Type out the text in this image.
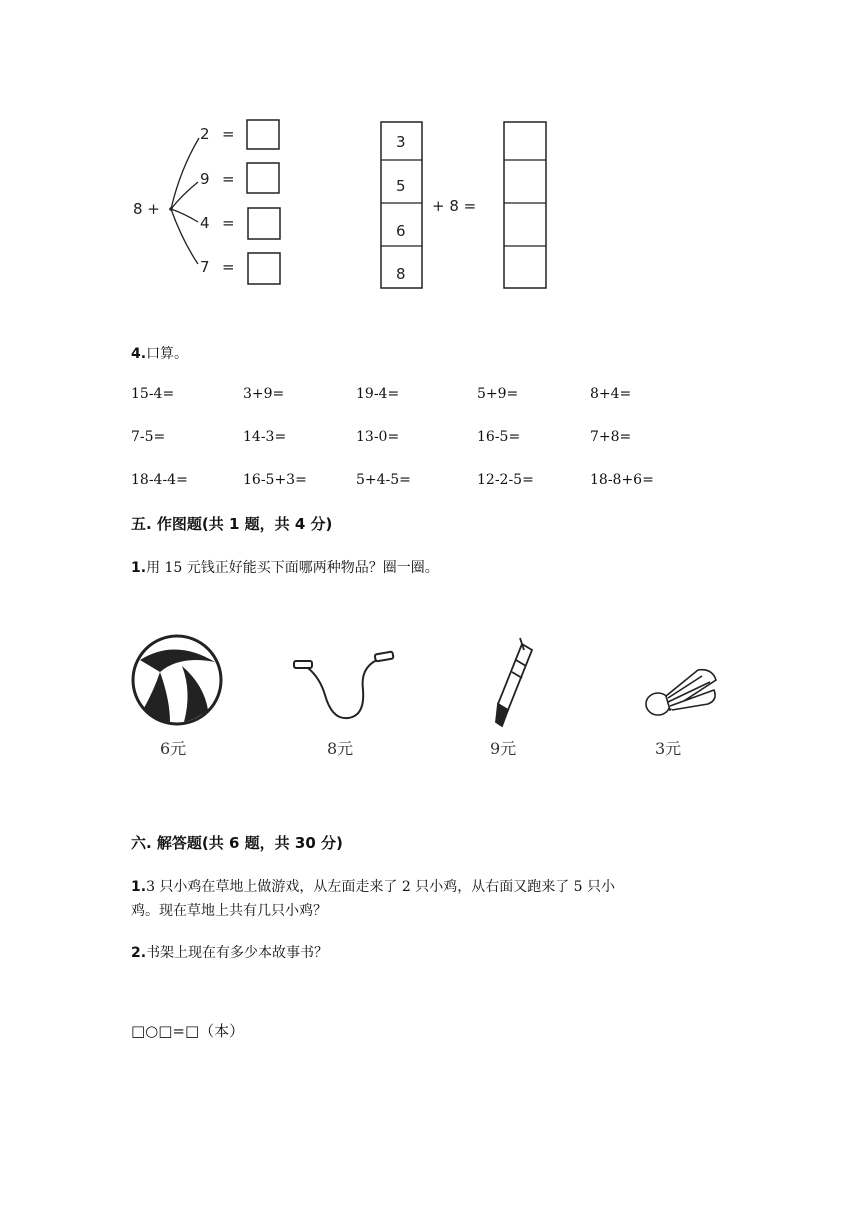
8 +
2 =
9 =
4 =
7 =
3
5
6
8
+ 8 =
4.口算。
15-4=	3+9=	19-4=	5+9=	8+4=
7-5=	14-3=	13-0=	16-5=	7+8=
18-4-4=	16-5+3=	5+4-5=	12-2-5=	18-8+6=
五. 作图题(共 1 题，共 4 分)
1.用 15 元钱正好能买下面哪两种物品？圈一圈。
6元	8元	9元	3元
六. 解答题(共 6 题，共 30 分)
1.3 只小鸡在草地上做游戏，从左面走来了 2 只小鸡，从右面又跑来了 5 只小
鸡。现在草地上共有几只小鸡？
2.书架上现在有多少本故事书？
□○□=□（本）
